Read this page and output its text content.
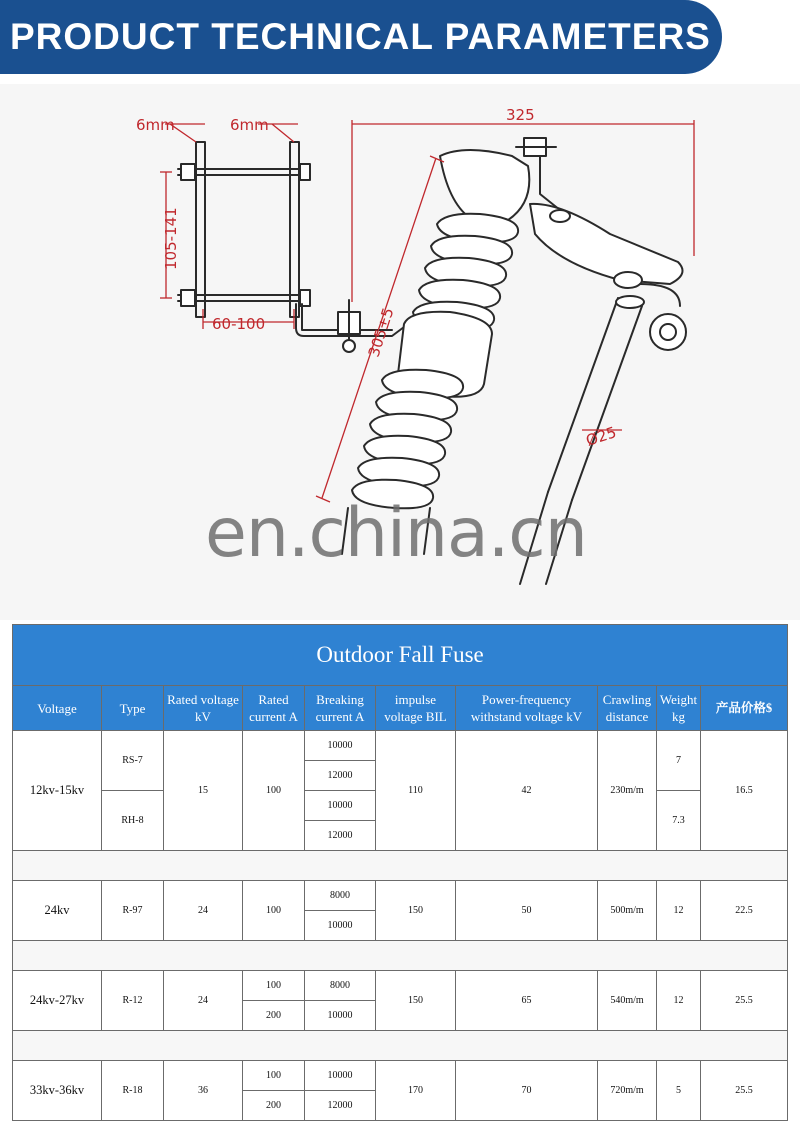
PRODUCT TECHNICAL PARAMETERS
6mm	6mm
325
105-141
60-100	305±5
Ø25
en.china.cn
Outdoor Fall Fuse									
Voltage	Type	Rated voltage kV	Rated current A	Breaking current A	impulse voltage BIL	Power-frequency withstand voltage kV	Crawling distance	Weight kg	产品价格$
12kv-15kv	RS-7	15	100	10000	110	42	230m/m	7	16.5
				12000					
	RH-8			10000				7.3	
				12000					

24kv	R-97	24	100	8000	150	50	500m/m	12	22.5
				10000					

24kv-27kv	R-12	24	100	8000	150	65	540m/m	12	25.5
			200	10000					

33kv-36kv	R-18	36	100	10000	170	70	720m/m	5	25.5
			200	12000					
